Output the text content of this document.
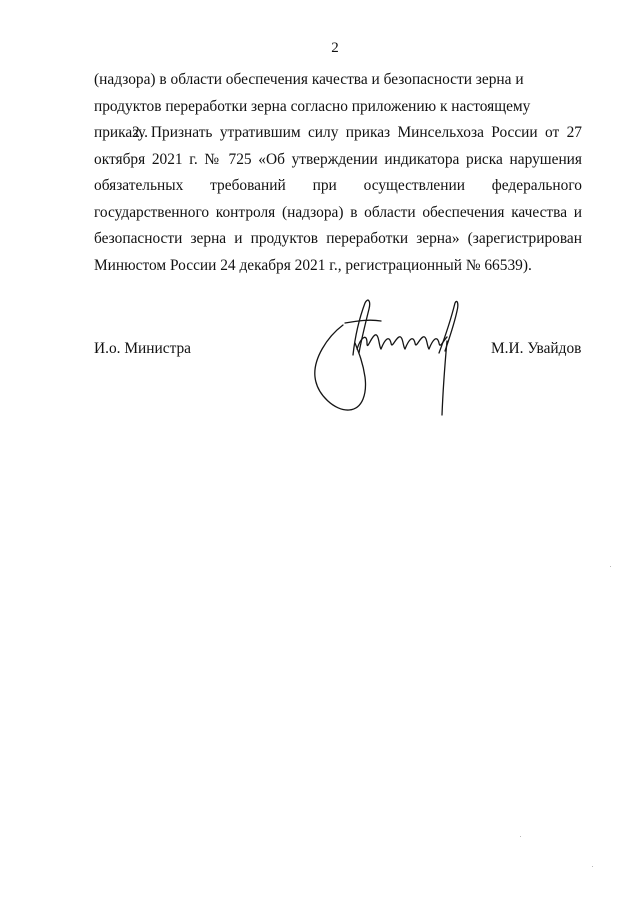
2
(надзора) в области обеспечения качества и безопасности зерна и продуктов переработки зерна согласно приложению к настоящему приказу.
2. Признать утратившим силу приказ Минсельхоза России от 27 октября 2021 г. № 725 «Об утверждении индикатора риска нарушения обязательных требований при осуществлении федерального государственного контроля (надзора) в области обеспечения качества и безопасности зерна и продуктов переработки зерна» (зарегистрирован Минюстом России 24 декабря 2021 г., регистрационный № 66539).
И.о. Министра	М.И. Увайдов
